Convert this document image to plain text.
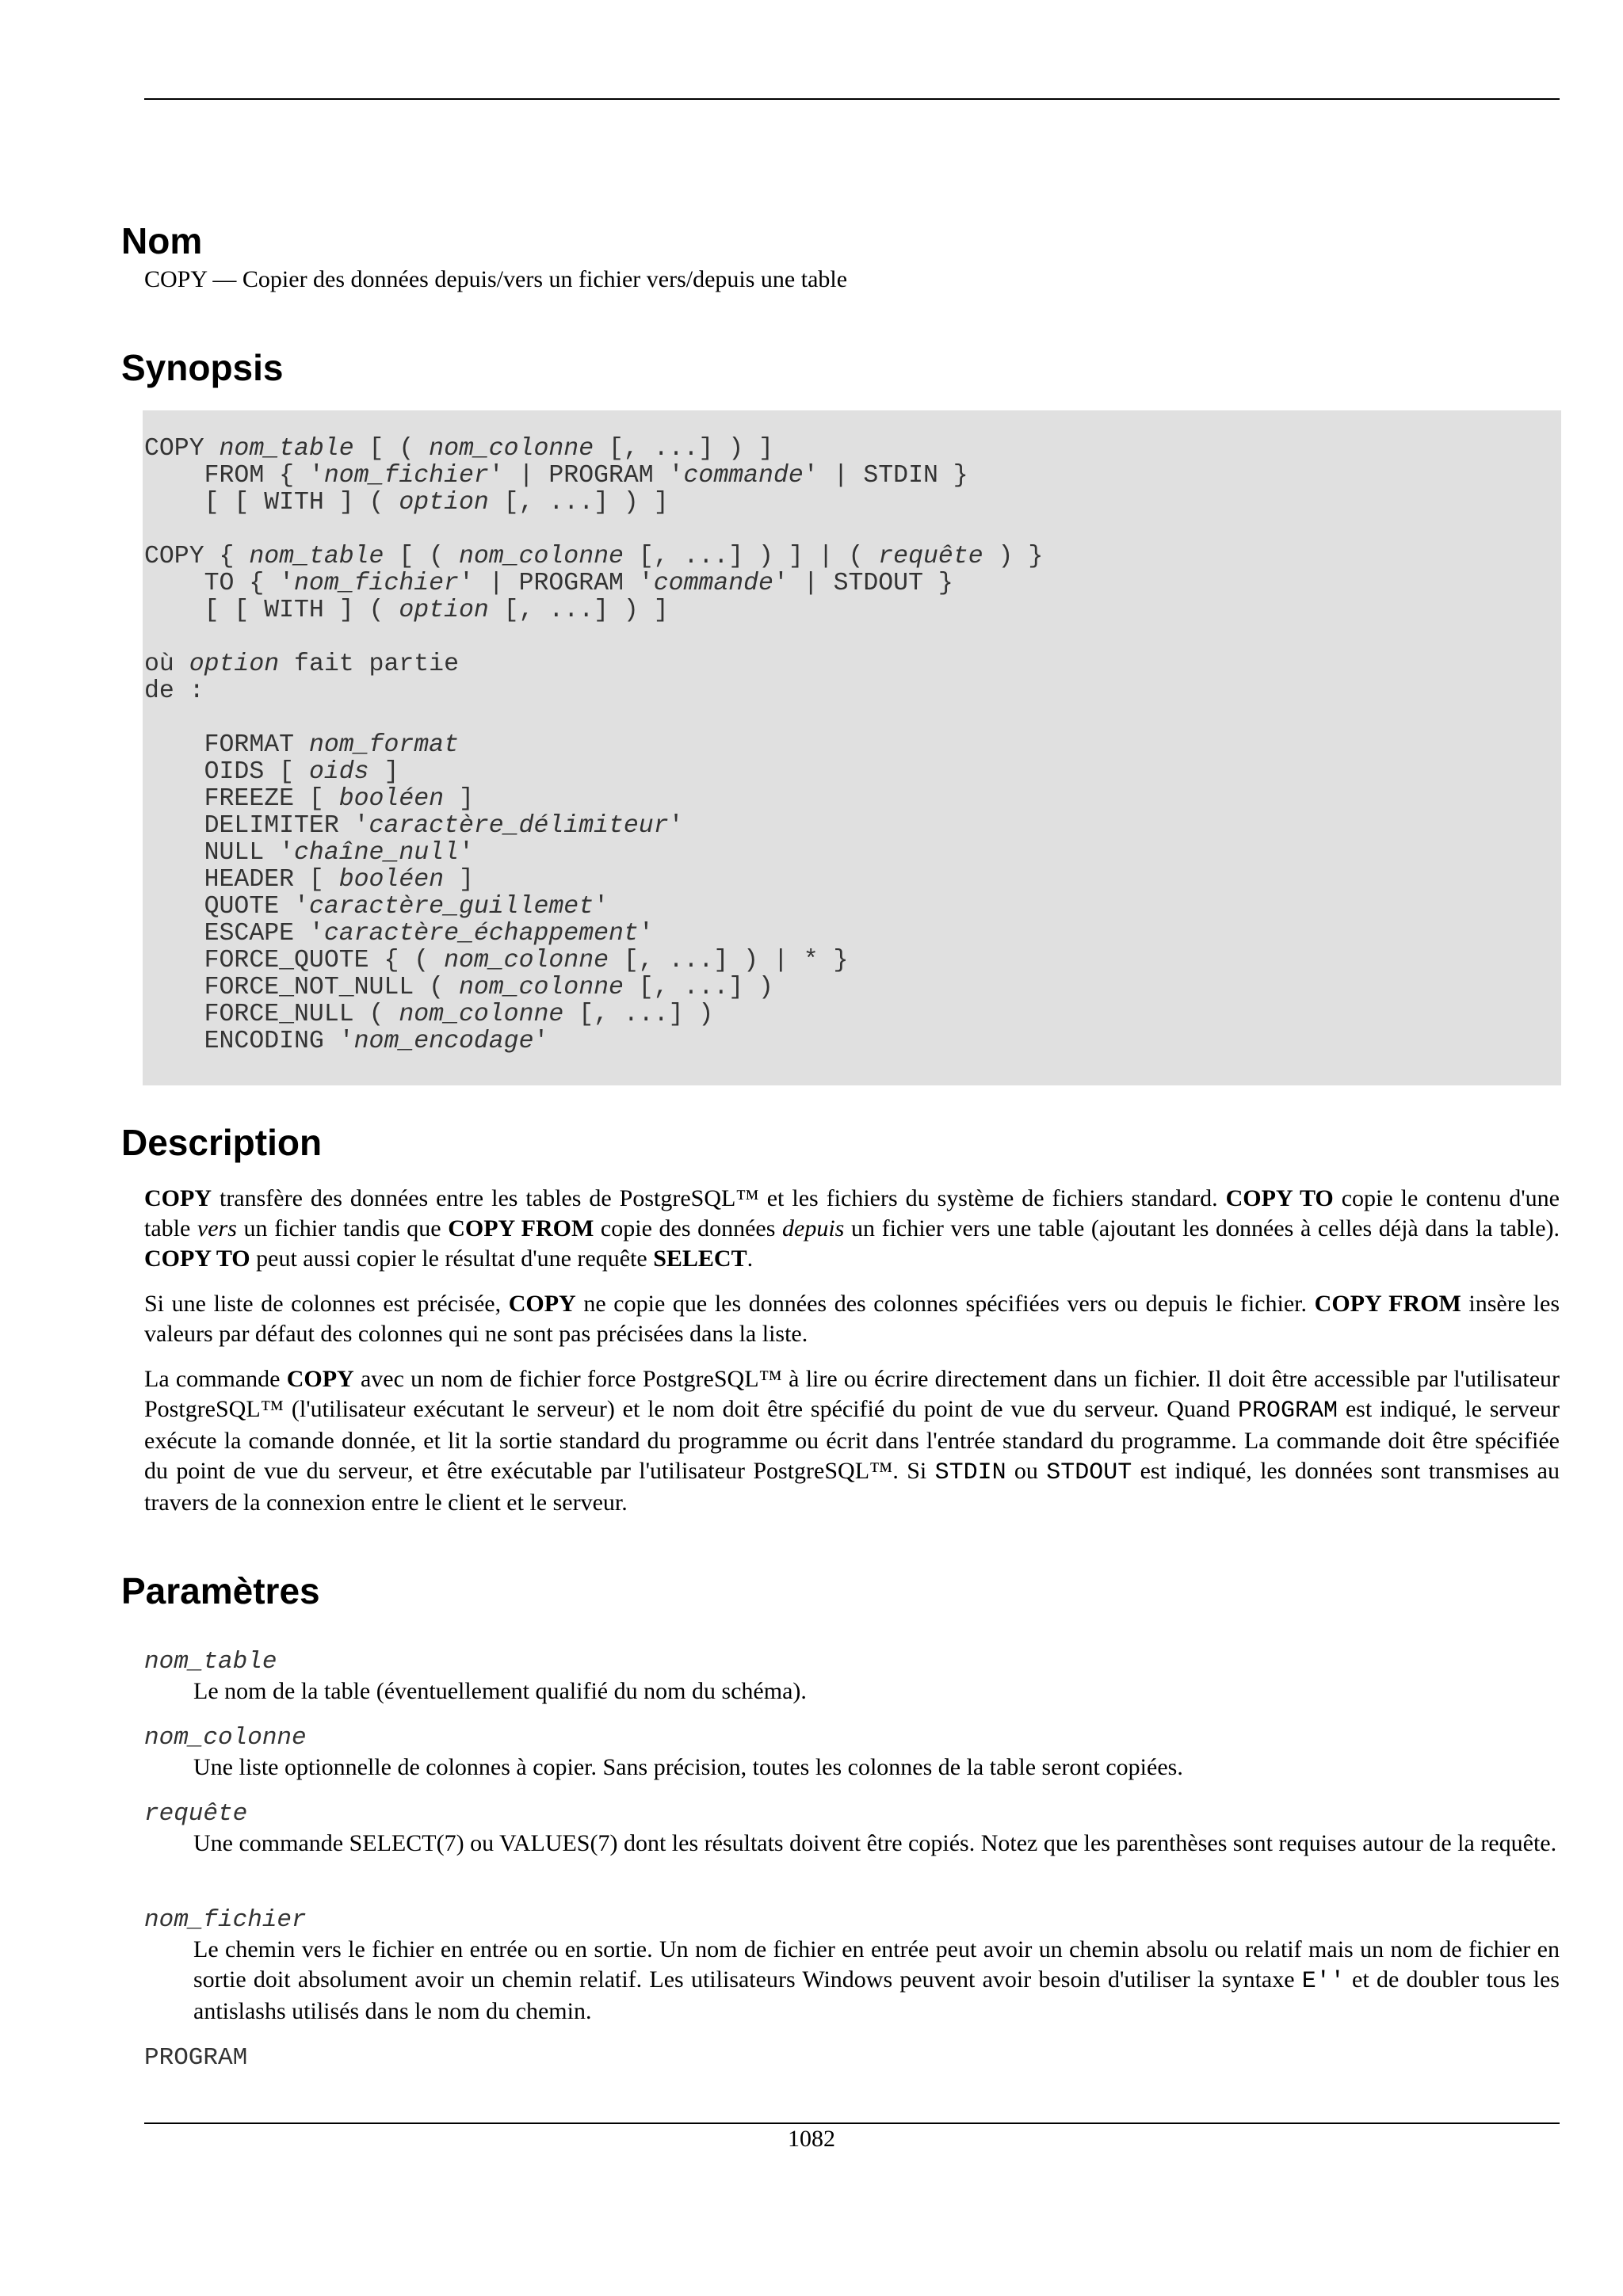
Nom

COPY — Copier des données depuis/vers un fichier vers/depuis une table

Synopsis
COPY nom_table [ ( nom_colonne [, ...] ) ]
FROM { 'nom_fichier' | PROGRAM 'commande' | STDIN }
[ [ WITH ] ( option [, ...] ) ]

COPY { nom_table [ ( nom_colonne [, ...] ) ] | ( requête ) }
TO { 'nom_fichier' | PROGRAM 'commande' | STDOUT }
[ [ WITH ] ( option [, ...] ) ]

où option fait partie
de :

FORMAT nom_format
OIDS [ oids ]
FREEZE [ booléen ]
DELIMITER 'caractère_délimiteur'
NULL 'chaîne_null'
HEADER [ booléen ]
QUOTE 'caractère_guillemet'
ESCAPE 'caractère_échappement'
FORCE_QUOTE { ( nom_colonne [, ...] ) | * }
FORCE_NOT_NULL ( nom_colonne [, ...] )
FORCE_NULL ( nom_colonne [, ...] )
ENCODING 'nom_encodage'
Description

COPY transfère des données entre les tables de PostgreSQL™ et les fichiers du système de fichiers standard. COPY TO copie le contenu d'une table vers un fichier tandis que COPY FROM copie des données depuis un fichier vers une table (ajoutant les données à celles déjà dans la table). COPY TO peut aussi copier le résultat d'une requête SELECT.

Si une liste de colonnes est précisée, COPY ne copie que les données des colonnes spécifiées vers ou depuis le fichier. COPY FROM insère les valeurs par défaut des colonnes qui ne sont pas précisées dans la liste.

La commande COPY avec un nom de fichier force PostgreSQL™ à lire ou écrire directement dans un fichier. Il doit être accessible par l'utilisateur PostgreSQL™ (l'utilisateur exécutant le serveur) et le nom doit être spécifié du point de vue du serveur. Quand PROGRAM est indiqué, le serveur exécute la comande donnée, et lit la sortie standard du programme ou écrit dans l'entrée standard du programme. La commande doit être spécifiée du point de vue du serveur, et être exécutable par l'utilisateur PostgreSQL™. Si STDIN ou STDOUT est indiqué, les données sont transmises au travers de la connexion entre le client et le serveur.

Paramètres
nom_table

Le nom de la table (éventuellement qualifié du nom du schéma).

nom_colonne

Une liste optionnelle de colonnes à copier. Sans précision, toutes les colonnes de la table seront copiées.

requête

Une commande SELECT(7) ou VALUES(7) dont les résultats doivent être copiés. Notez que les parenthèses sont requises autour de la requête.

nom_fichier

Le chemin vers le fichier en entrée ou en sortie. Un nom de fichier en entrée peut avoir un chemin absolu ou relatif mais un nom de fichier en sortie doit absolument avoir un chemin relatif. Les utilisateurs Windows peuvent avoir besoin d'utiliser la syntaxe E'' et de doubler tous les antislashs utilisés dans le nom du chemin.

PROGRAM
1082
